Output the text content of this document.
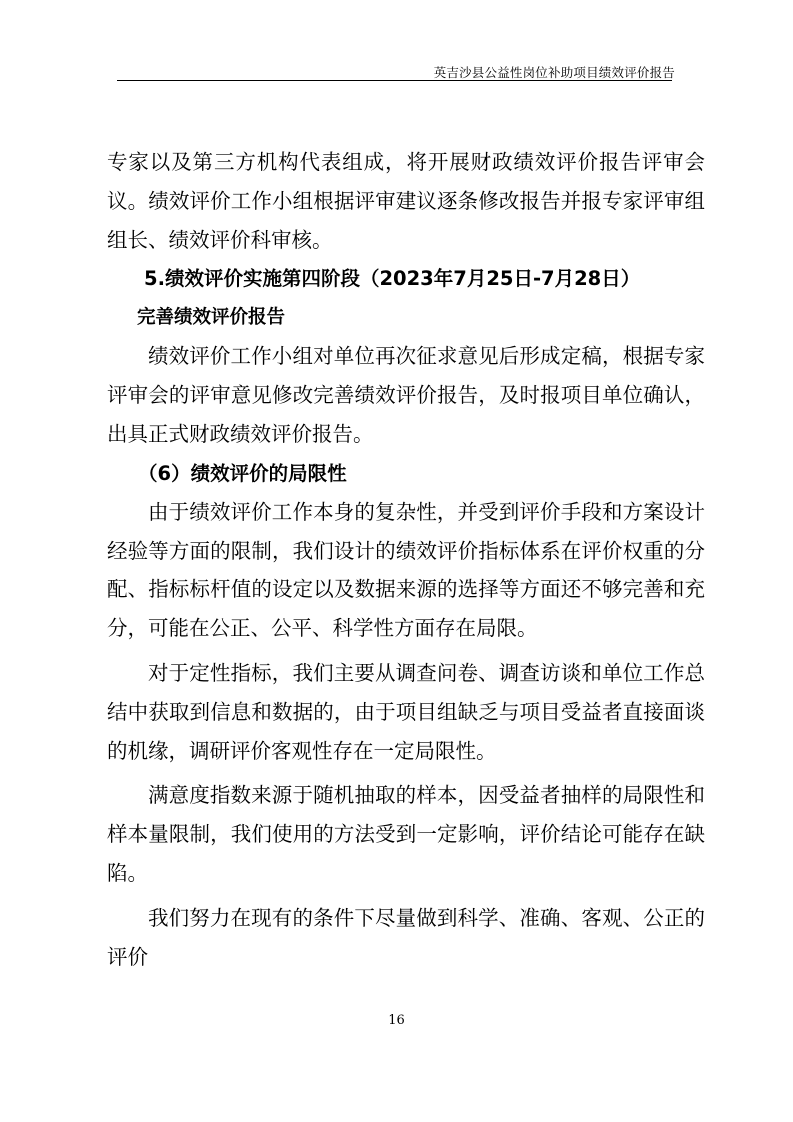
英吉沙县公益性岗位补助项目绩效评价报告

专家以及第三方机构代表组成，将开展财政绩效评价报告评审会议。绩效评价工作小组根据评审建议逐条修改报告并报专家评审组组长、绩效评价科审核。

5.绩效评价实施第四阶段（2023年7月25日-7月28日）

完善绩效评价报告

绩效评价工作小组对单位再次征求意见后形成定稿，根据专家评审会的评审意见修改完善绩效评价报告，及时报项目单位确认，出具正式财政绩效评价报告。

（6）绩效评价的局限性

由于绩效评价工作本身的复杂性，并受到评价手段和方案设计经验等方面的限制，我们设计的绩效评价指标体系在评价权重的分配、指标标杆值的设定以及数据来源的选择等方面还不够完善和充分，可能在公正、公平、科学性方面存在局限。

对于定性指标，我们主要从调查问卷、调查访谈和单位工作总结中获取到信息和数据的，由于项目组缺乏与项目受益者直接面谈的机缘，调研评价客观性存在一定局限性。

满意度指数来源于随机抽取的样本，因受益者抽样的局限性和样本量限制，我们使用的方法受到一定影响，评价结论可能存在缺陷。

我们努力在现有的条件下尽量做到科学、准确、客观、公正的评价

16
